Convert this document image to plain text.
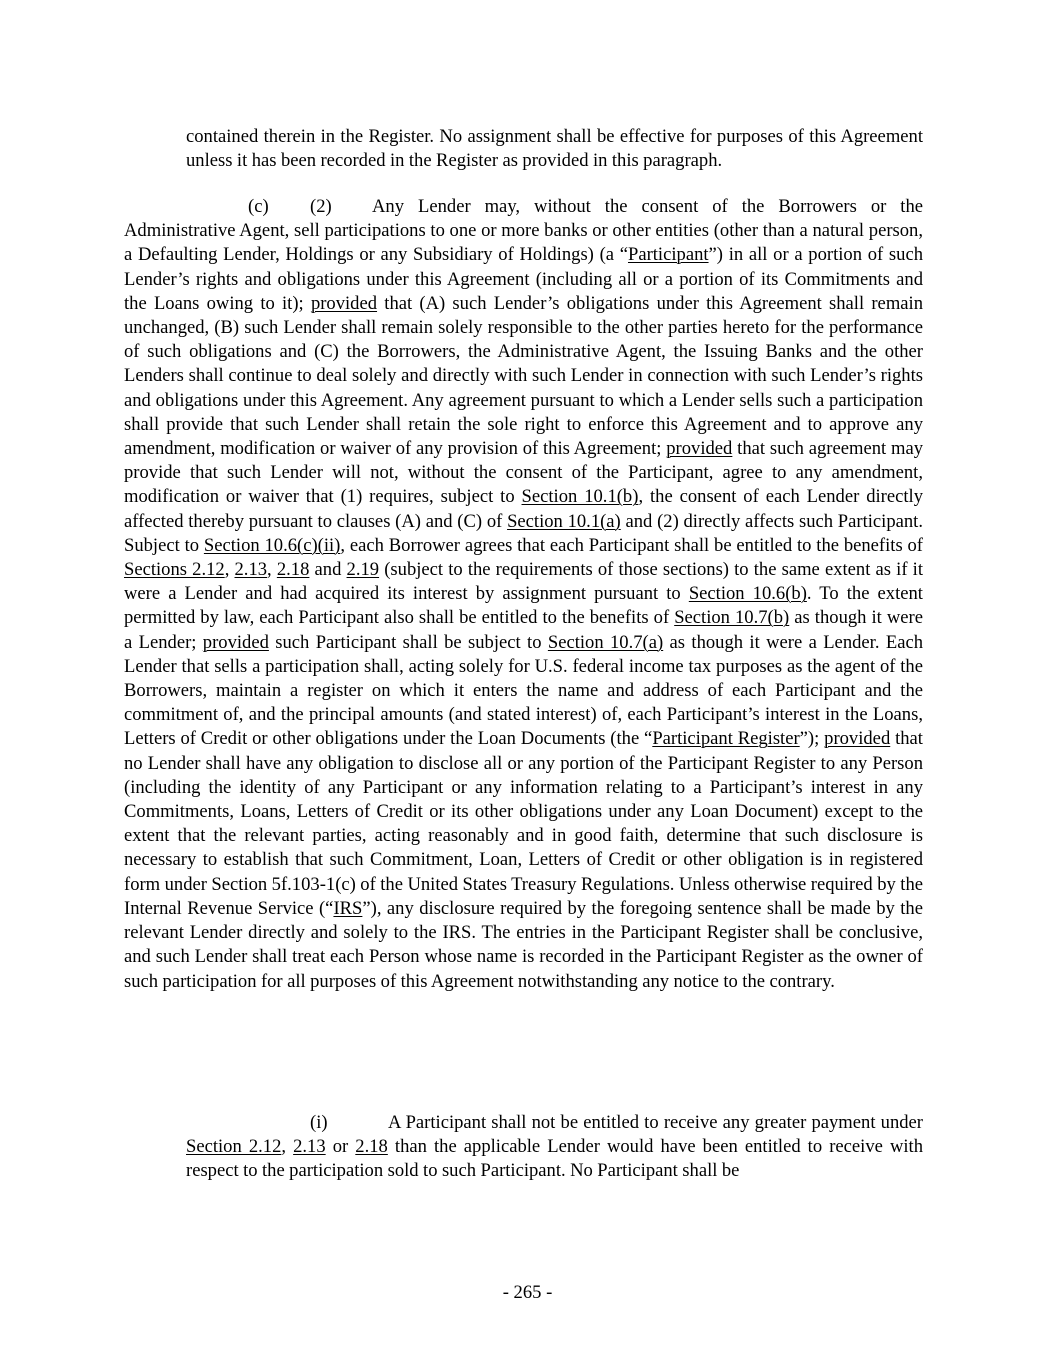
contained therein in the Register. No assignment shall be effective for purposes of this Agreement unless it has been recorded in the Register as provided in this paragraph.

(c) (2) Any Lender may, without the consent of the Borrowers or the Administrative Agent, sell participations to one or more banks or other entities (other than a natural person, a Defaulting Lender, Holdings or any Subsidiary of Holdings) (a “Participant”) in all or a portion of such Lender’s rights and obligations under this Agreement (including all or a portion of its Commitments and the Loans owing to it); provided that (A) such Lender’s obligations under this Agreement shall remain unchanged, (B) such Lender shall remain solely responsible to the other parties hereto for the performance of such obligations and (C) the Borrowers, the Administrative Agent, the Issuing Banks and the other Lenders shall continue to deal solely and directly with such Lender in connection with such Lender’s rights and obligations under this Agreement. Any agreement pursuant to which a Lender sells such a participation shall provide that such Lender shall retain the sole right to enforce this Agreement and to approve any amendment, modification or waiver of any provision of this Agreement; provided that such agreement may provide that such Lender will not, without the consent of the Participant, agree to any amendment, modification or waiver that (1) requires, subject to Section 10.1(b), the consent of each Lender directly affected thereby pursuant to clauses (A) and (C) of Section 10.1(a) and (2) directly affects such Participant. Subject to Section 10.6(c)(ii), each Borrower agrees that each Participant shall be entitled to the benefits of Sections 2.12, 2.13, 2.18 and 2.19 (subject to the requirements of those sections) to the same extent as if it were a Lender and had acquired its interest by assignment pursuant to Section 10.6(b). To the extent permitted by law, each Participant also shall be entitled to the benefits of Section 10.7(b) as though it were a Lender; provided such Participant shall be subject to Section 10.7(a) as though it were a Lender. Each Lender that sells a participation shall, acting solely for U.S. federal income tax purposes as the agent of the Borrowers, maintain a register on which it enters the name and address of each Participant and the commitment of, and the principal amounts (and stated interest) of, each Participant’s interest in the Loans, Letters of Credit or other obligations under the Loan Documents (the “Participant Register”); provided that no Lender shall have any obligation to disclose all or any portion of the Participant Register to any Person (including the identity of any Participant or any information relating to a Participant’s interest in any Commitments, Loans, Letters of Credit or its other obligations under any Loan Document) except to the extent that the relevant parties, acting reasonably and in good faith, determine that such disclosure is necessary to establish that such Commitment, Loan, Letters of Credit or other obligation is in registered form under Section 5f.103-1(c) of the United States Treasury Regulations. Unless otherwise required by the Internal Revenue Service (“IRS”), any disclosure required by the foregoing sentence shall be made by the relevant Lender directly and solely to the IRS. The entries in the Participant Register shall be conclusive, and such Lender shall treat each Person whose name is recorded in the Participant Register as the owner of such participation for all purposes of this Agreement notwithstanding any notice to the contrary.

(i)	A Participant shall not be entitled to receive any greater payment under Section 2.12, 2.13 or 2.18 than the applicable Lender would have been entitled to receive with respect to the participation sold to such Participant. No Participant shall be

- 265 -
